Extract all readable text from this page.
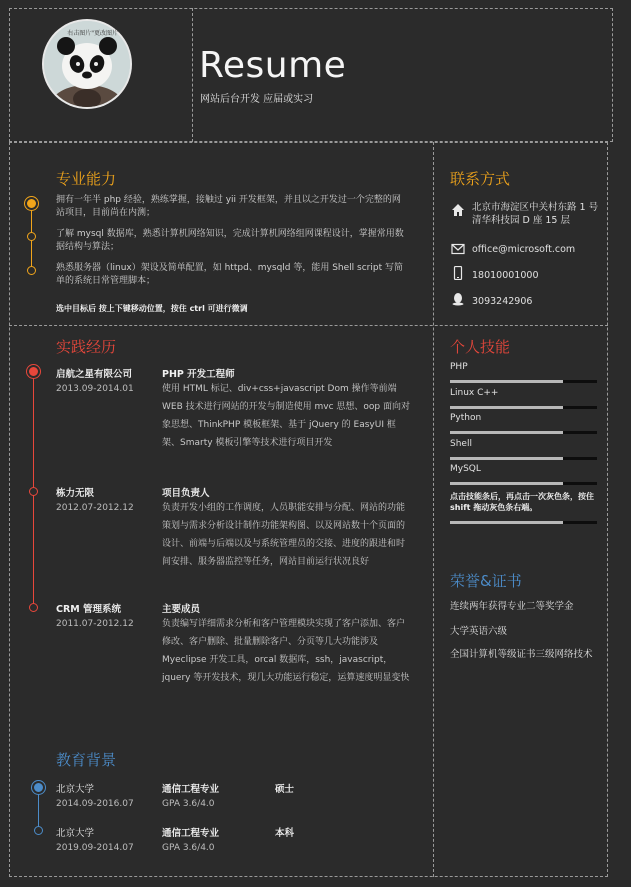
右击图片"更改图片"
Resume
网站后台开发 应届或实习
专业能力
拥有一年半 php 经验，熟练掌握，接触过 yii 开发框架，并且以之开发过一个完整的网站项目，目前尚在内测；
了解 mysql 数据库，熟悉计算机网络知识，完成计算机网络组网课程设计，掌握常用数据结构与算法；
熟悉服务器（linux）架设及简单配置，如 httpd、mysqld 等，能用 Shell script 写简单的系统日常管理脚本；
选中目标后 按上下键移动位置，按住 ctrl 可进行微调
联系方式
北京市海淀区中关村东路 1 号清华科技园 D 座 15 层
office@microsoft.com
18010001000
3093242906
实践经历
启航之星有限公司
2013.09-2014.01
PHP 开发工程师
使用 HTML 标记、div+css+javascript Dom 操作等前端 WEB 技术进行网站的开发与制造使用 mvc 思想、oop 面向对象思想、ThinkPHP 模板框架、基于 jQuery 的 EasyUI 框架、Smarty 模板引擎等技术进行项目开发
栋力无限
2012.07-2012.12
项目负责人
负责开发小组的工作调度，人员职能安排与分配、网站的功能策划与需求分析设计制作功能架构图、以及网站数十个页面的设计、前端与后端以及与系统管理员的交接、进度的跟进和时间安排、服务器监控等任务，网站目前运行状况良好
CRM 管理系统
2011.07-2012.12
主要成员
负责编写详细需求分析和客户管理模块实现了客户添加、客户修改、客户删除、批量删除客户、分页等几大功能涉及 Myeclipse 开发工具，orcal 数据库，ssh，javascript，jquery 等开发技术，现几大功能运行稳定，运算速度明显变快
个人技能
PHP
Linux C++
Python
Shell
MySQL
点击技能条后，再点击一次灰色条，按住 shift 拖动灰色条右端。
荣誉&证书
连续两年获得专业二等奖学金
大学英语六级
全国计算机等级证书三级网络技术
教育背景
北京大学
2014.09-2016.07
通信工程专业
GPA 3.6/4.0
硕士
北京大学
2019.09-2014.07
通信工程专业
GPA 3.6/4.0
本科
